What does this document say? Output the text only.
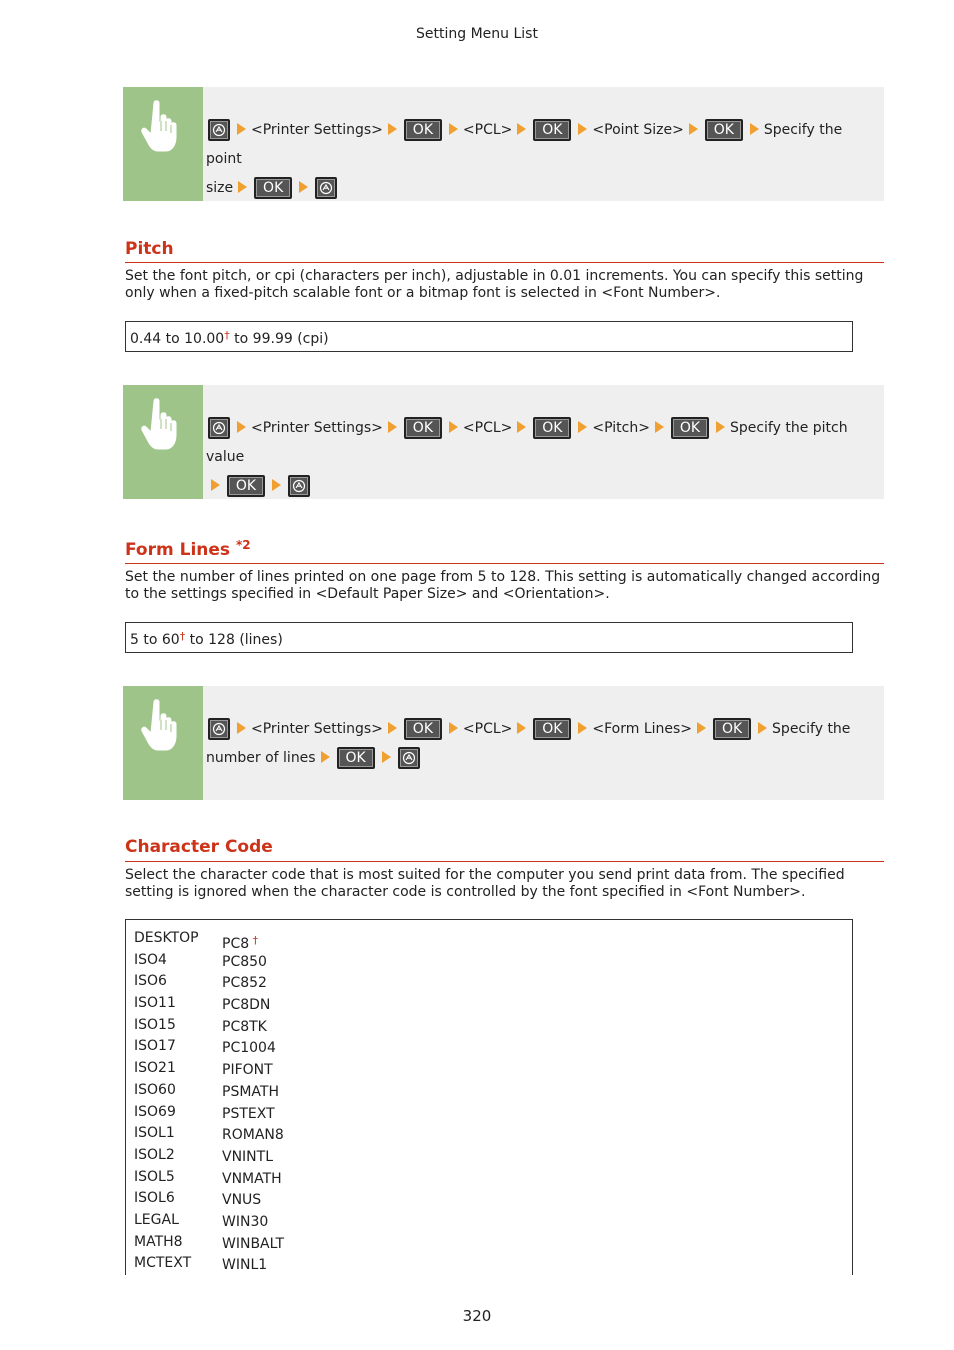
Setting Menu List
<Printer Settings> OK <PCL> OK <Point Size> OK Specify the point
size OK
Pitch
Set the font pitch, or cpi (characters per inch), adjustable in 0.01 increments. You can specify this setting only when a fixed-pitch scalable font or a bitmap font is selected in <Font Number>.
0.44 to 10.00† to 99.99 (cpi)
<Printer Settings> OK <PCL> OK <Pitch> OK Specify the pitch value
OK
Form Lines $^{*2}$
Set the number of lines printed on one page from 5 to 128. This setting is automatically changed according to the settings specified in <Default Paper Size> and <Orientation>.
5 to 60† to 128 (lines)
<Printer Settings> OK <PCL> OK <Form Lines> OK Specify the
number of lines OK
Character Code
Select the character code that is most suited for the computer you send print data from. The specified setting is ignored when the character code is controlled by the font specified in <Font Number>.
DESKTOP
ISO4
ISO6
ISO11
ISO15
ISO17
ISO21
ISO60
ISO69
ISOL1
ISOL2
ISOL5
ISOL6
LEGAL
MATH8
MCTEXT
PC8 †
PC850
PC852
PC8DN
PC8TK
PC1004
PIFONT
PSMATH
PSTEXT
ROMAN8
VNINTL
VNMATH
VNUS
WIN30
WINBALT
WINL1
320
